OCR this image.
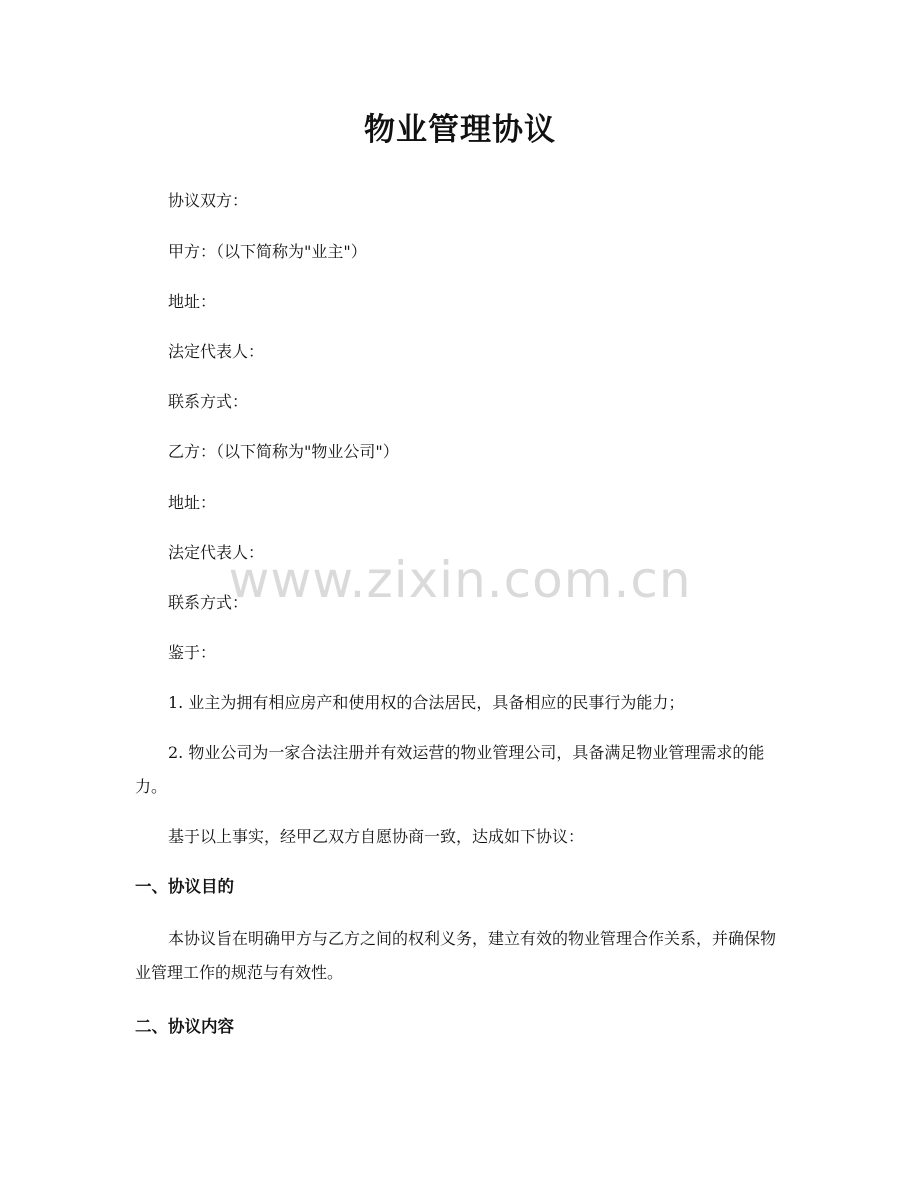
物业管理协议

协议双方：

甲方：（以下简称为"业主"）

地址：

法定代表人：

联系方式：

乙方：（以下简称为"物业公司"）

地址：

法定代表人：

联系方式：

鉴于：

1. 业主为拥有相应房产和使用权的合法居民，具备相应的民事行为能力；

2. 物业公司为一家合法注册并有效运营的物业管理公司，具备满足物业管理需求的能力。

基于以上事实，经甲乙双方自愿协商一致，达成如下协议：

一、协议目的

本协议旨在明确甲方与乙方之间的权利义务，建立有效的物业管理合作关系，并确保物业管理工作的规范与有效性。

二、协议内容
www.zixin.com.cn
